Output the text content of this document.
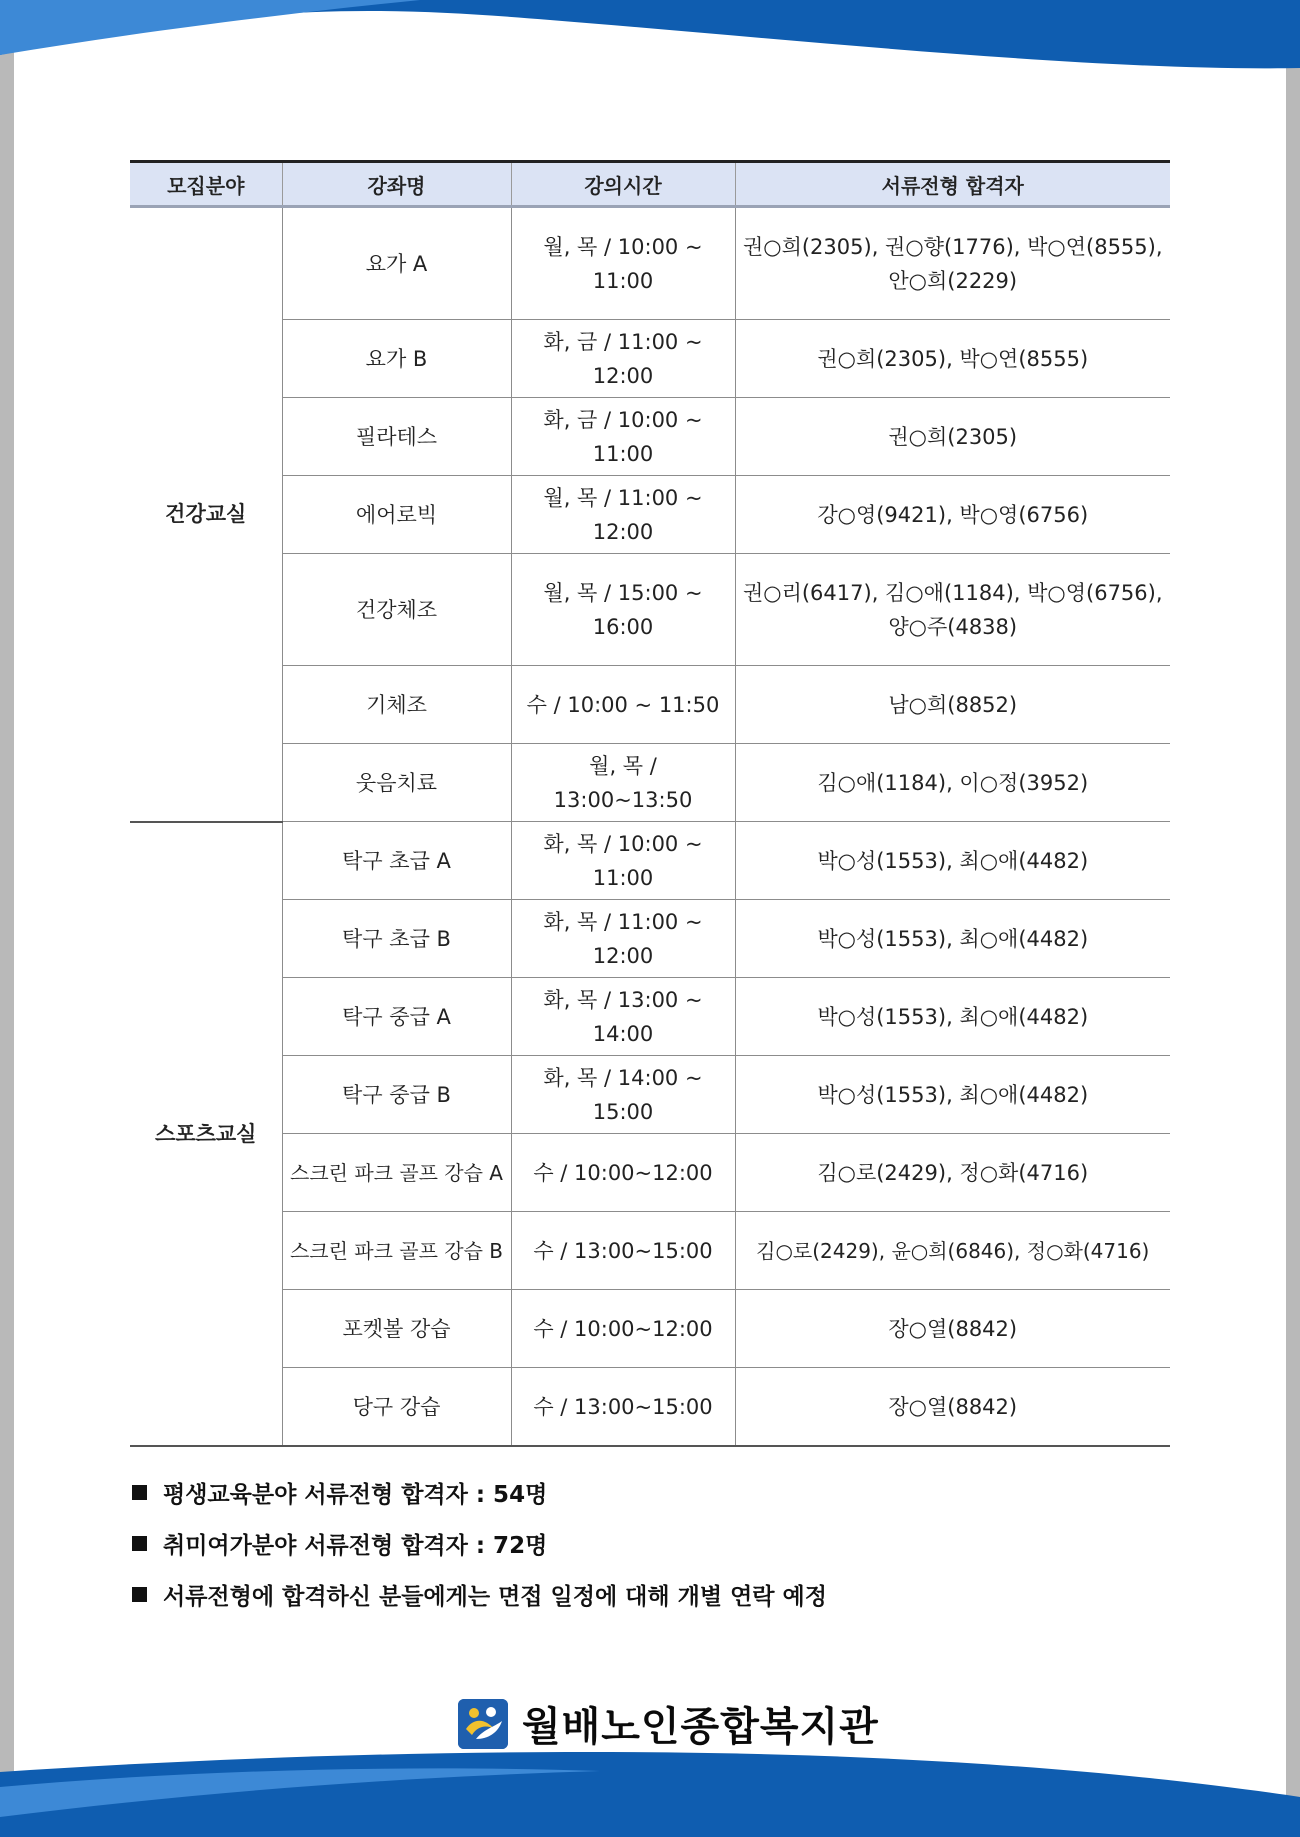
모집분야	강좌명	강의시간	서류전형 합격자
건강교실	요가 A	월, 목 / 10:00 ~ 11:00	권○희(2305), 권○향(1776), 박○연(8555), 안○희(2229)
	요가 B	화, 금 / 11:00 ~ 12:00	권○희(2305), 박○연(8555)
	필라테스	화, 금 / 10:00 ~ 11:00	권○희(2305)
	에어로빅	월, 목 / 11:00 ~ 12:00	강○영(9421), 박○영(6756)
	건강체조	월, 목 / 15:00 ~ 16:00	권○리(6417), 김○애(1184), 박○영(6756), 양○주(4838)
	기체조	수 / 10:00 ~ 11:50	남○희(8852)
	웃음치료	월, 목 / 13:00~13:50	김○애(1184), 이○정(3952)
스포츠교실	탁구 초급 A	화, 목 / 10:00 ~ 11:00	박○성(1553), 최○애(4482)
	탁구 초급 B	화, 목 / 11:00 ~ 12:00	박○성(1553), 최○애(4482)
	탁구 중급 A	화, 목 / 13:00 ~ 14:00	박○성(1553), 최○애(4482)
	탁구 중급 B	화, 목 / 14:00 ~ 15:00	박○성(1553), 최○애(4482)
	스크린 파크 골프 강습 A	수 / 10:00~12:00	김○로(2429), 정○화(4716)
	스크린 파크 골프 강습 B	수 / 13:00~15:00	김○로(2429), 윤○희(6846), 정○화(4716)
	포켓볼 강습	수 / 10:00~12:00	장○열(8842)
	당구 강습	수 / 13:00~15:00	장○열(8842)
평생교육분야 서류전형 합격자 : 54명
취미여가분야 서류전형 합격자 : 72명
서류전형에 합격하신 분들에게는 면접 일정에 대해 개별 연락 예정
월배노인종합복지관
